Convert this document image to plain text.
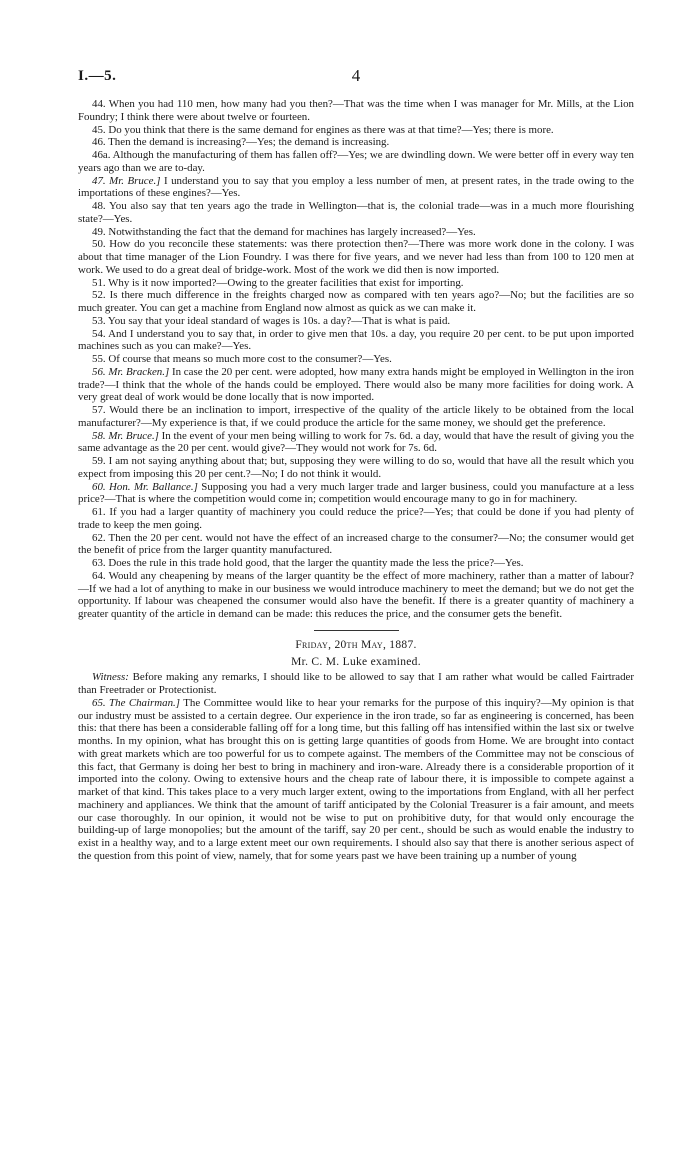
I.—5.	4

44. When you had 110 men, how many had you then?—That was the time when I was manager for Mr. Mills, at the Lion Foundry; I think there were about twelve or fourteen.

45. Do you think that there is the same demand for engines as there was at that time?—Yes; there is more.

46. Then the demand is increasing?—Yes; the demand is increasing.

46a. Although the manufacturing of them has fallen off?—Yes; we are dwindling down. We were better off in every way ten years ago than we are to-day.

47. Mr. Bruce.] I understand you to say that you employ a less number of men, at present rates, in the trade owing to the importations of these engines?—Yes.

48. You also say that ten years ago the trade in Wellington—that is, the colonial trade—was in a much more flourishing state?—Yes.

49. Notwithstanding the fact that the demand for machines has largely increased?—Yes.

50. How do you reconcile these statements: was there protection then?—There was more work done in the colony. I was about that time manager of the Lion Foundry. I was there for five years, and we never had less than from 100 to 120 men at work. We used to do a great deal of bridge-work. Most of the work we did then is now imported.

51. Why is it now imported?—Owing to the greater facilities that exist for importing.

52. Is there much difference in the freights charged now as compared with ten years ago?—No; but the facilities are so much greater. You can get a machine from England now almost as quick as we can make it.

53. You say that your ideal standard of wages is 10s. a day?—That is what is paid.

54. And I understand you to say that, in order to give men that 10s. a day, you require 20 per cent. to be put upon imported machines such as you can make?—Yes.

55. Of course that means so much more cost to the consumer?—Yes.

56. Mr. Bracken.] In case the 20 per cent. were adopted, how many extra hands might be employed in Wellington in the iron trade?—I think that the whole of the hands could be employed. There would also be many more facilities for doing work. A very great deal of work would be done locally that is now imported.

57. Would there be an inclination to import, irrespective of the quality of the article likely to be obtained from the local manufacturer?—My experience is that, if we could produce the article for the same money, we should get the preference.

58. Mr. Bruce.] In the event of your men being willing to work for 7s. 6d. a day, would that have the result of giving you the same advantage as the 20 per cent. would give?—They would not work for 7s. 6d.

59. I am not saying anything about that; but, supposing they were willing to do so, would that have all the result which you expect from imposing this 20 per cent.?—No; I do not think it would.

60. Hon. Mr. Ballance.] Supposing you had a very much larger trade and larger business, could you manufacture at a less price?—That is where the competition would come in; competition would encourage many to go in for machinery.

61. If you had a larger quantity of machinery you could reduce the price?—Yes; that could be done if you had plenty of trade to keep the men going.

62. Then the 20 per cent. would not have the effect of an increased charge to the consumer?—No; the consumer would get the benefit of price from the larger quantity manufactured.

63. Does the rule in this trade hold good, that the larger the quantity made the less the price?—Yes.

64. Would any cheapening by means of the larger quantity be the effect of more machinery, rather than a matter of labour?—If we had a lot of anything to make in our business we would introduce machinery to meet the demand; but we do not get the opportunity. If labour was cheapened the consumer would also have the benefit. If there is a greater quantity of machinery a greater quantity of the article in demand can be made: this reduces the price, and the consumer gets the benefit.

Friday, 20th May, 1887.

Mr. C. M. Luke examined.

Witness: Before making any remarks, I should like to be allowed to say that I am rather what would be called Fairtrader than Freetrader or Protectionist.

65. The Chairman.] The Committee would like to hear your remarks for the purpose of this inquiry?—My opinion is that our industry must be assisted to a certain degree. Our experience in the iron trade, so far as engineering is concerned, has been this: that there has been a considerable falling off for a long time, but this falling off has intensified within the last six or twelve months. In my opinion, what has brought this on is getting large quantities of goods from Home. We are brought into contact with great markets which are too powerful for us to compete against. The members of the Committee may not be conscious of this fact, that Germany is doing her best to bring in machinery and iron-ware. Already there is a considerable proportion of it imported into the colony. Owing to extensive hours and the cheap rate of labour there, it is impossible to compete against a market of that kind. This takes place to a very much larger extent, owing to the importations from England, with all her perfect machinery and appliances. We think that the amount of tariff anticipated by the Colonial Treasurer is a fair amount, and meets our case thoroughly. In our opinion, it would not be wise to put on prohibitive duty, for that would only encourage the building-up of large monopolies; but the amount of the tariff, say 20 per cent., should be such as would enable the industry to exist in a healthy way, and to a large extent meet our own requirements. I should also say that there is another serious aspect of the question from this point of view, namely, that for some years past we have been training up a number of young
